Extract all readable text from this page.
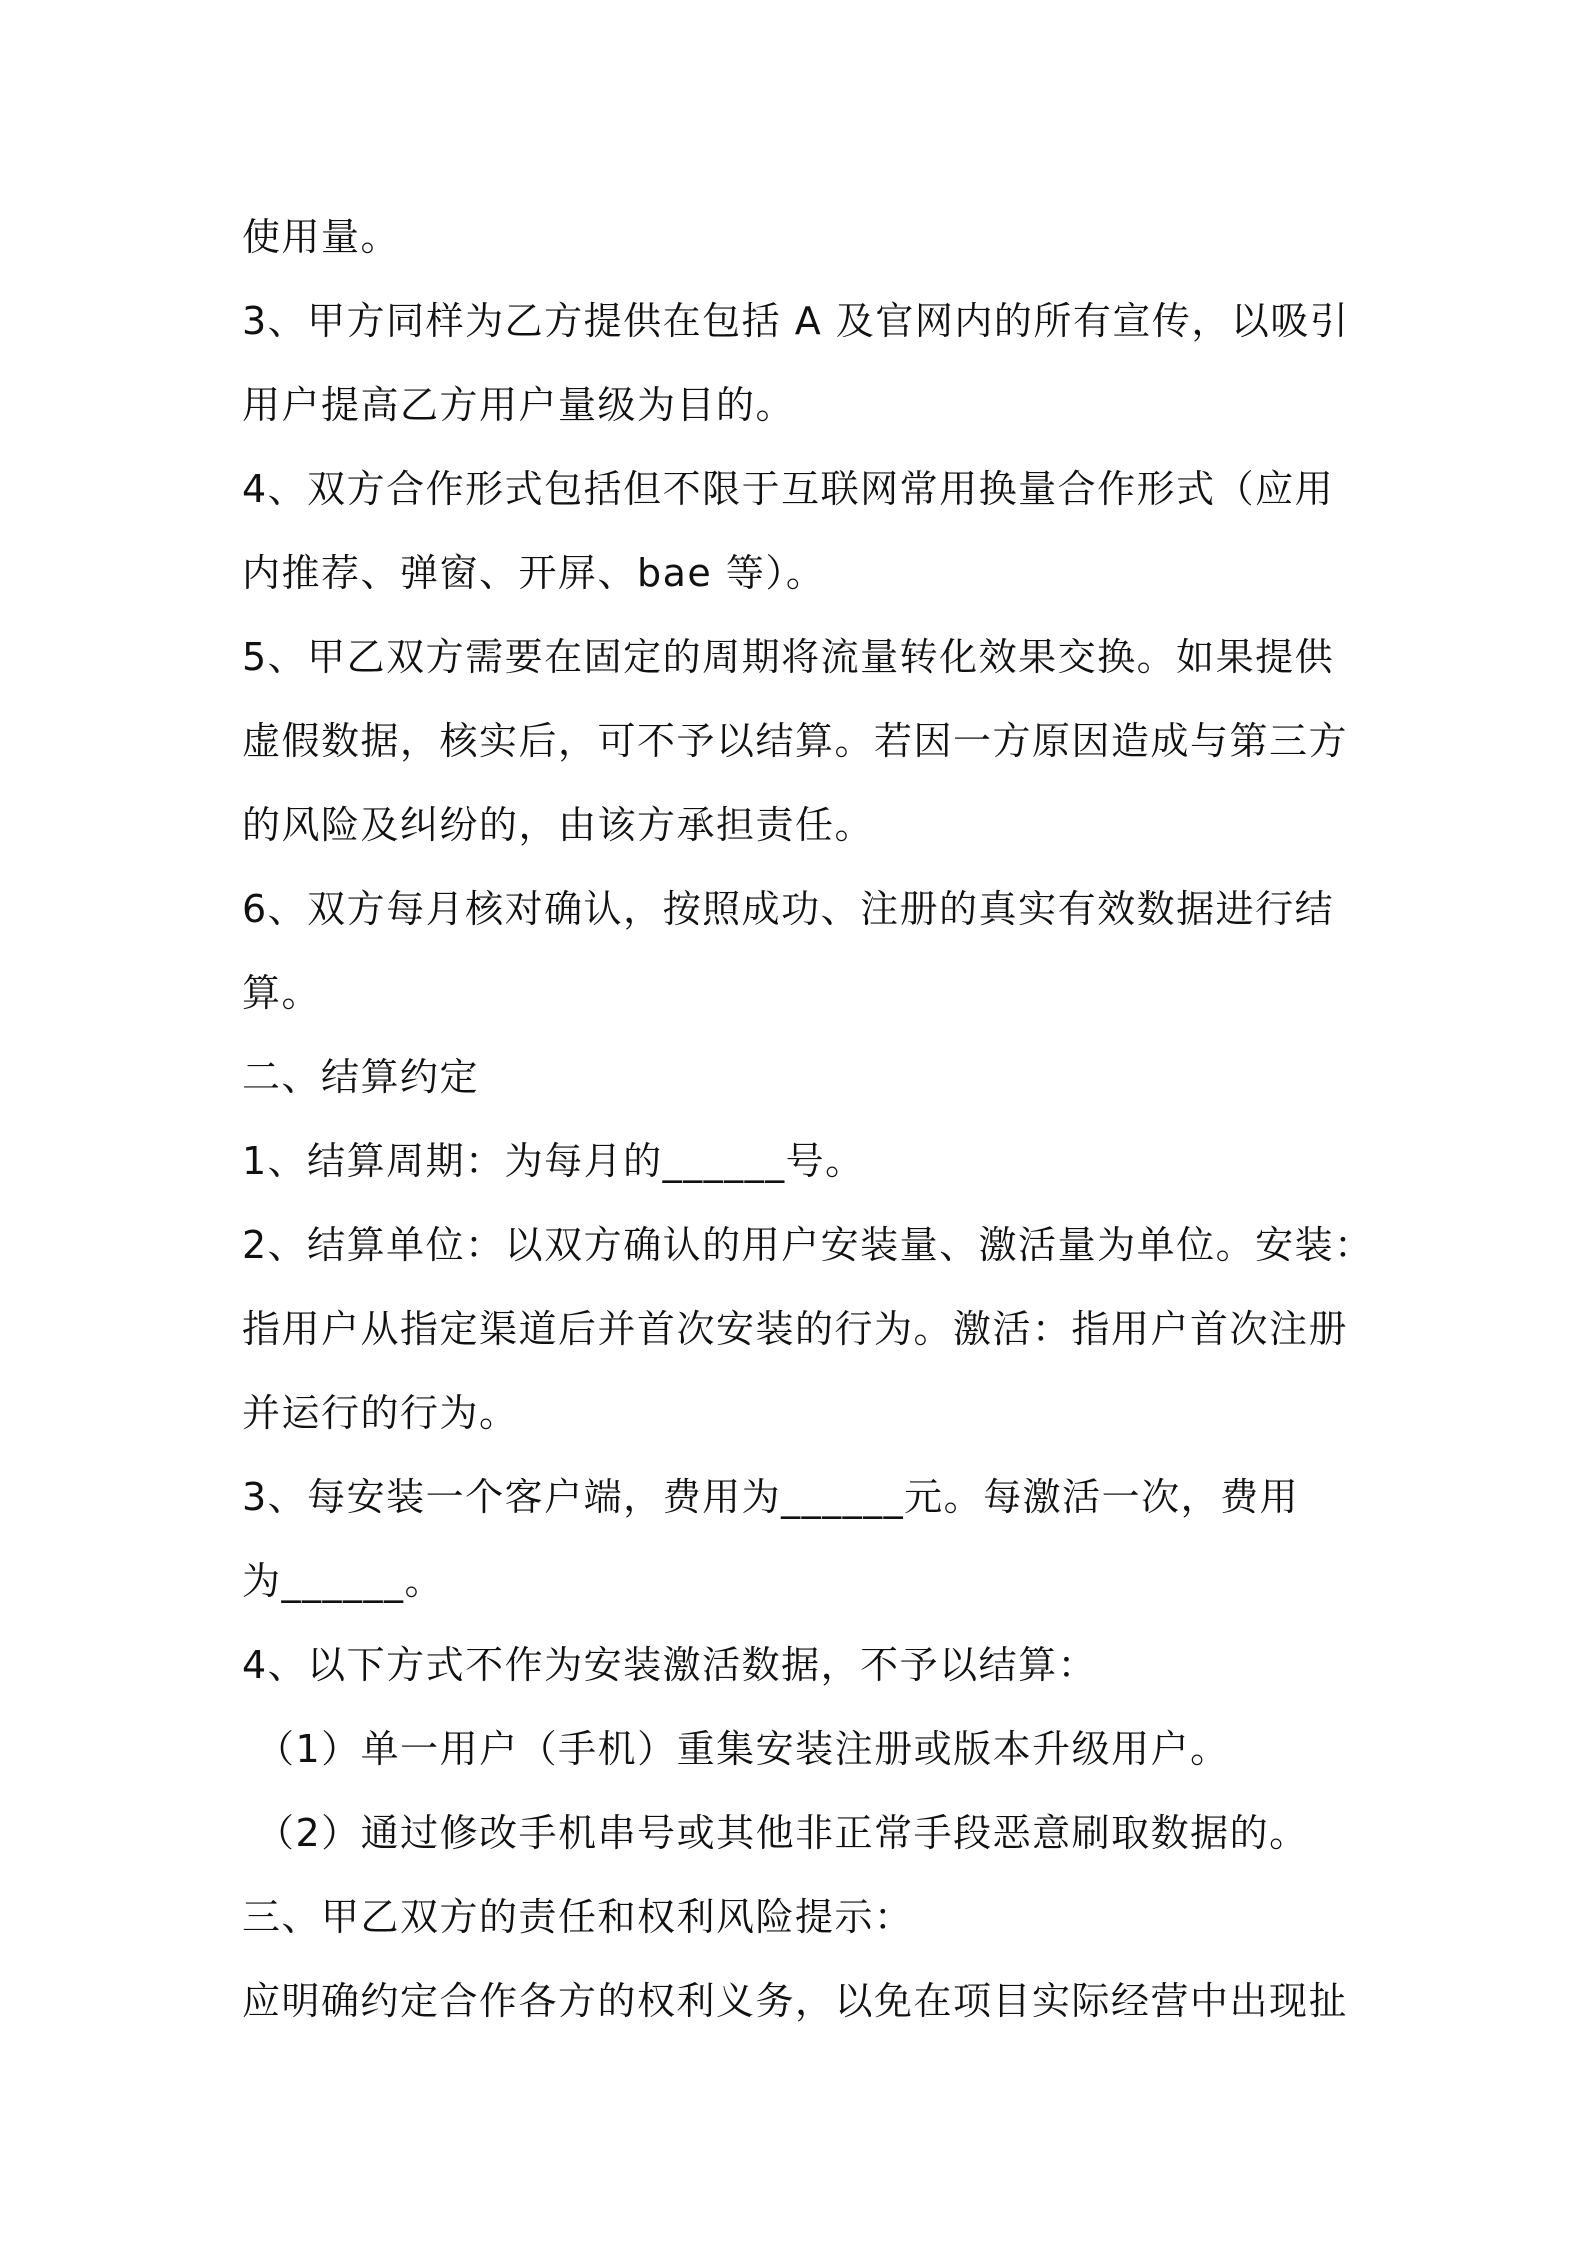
使用量。

3、甲方同样为乙方提供在包括 A 及官网内的所有宣传，以吸引

用户提高乙方用户量级为目的。

4、双方合作形式包括但不限于互联网常用换量合作形式（应用

内推荐、弹窗、开屏、bae 等）。

5、甲乙双方需要在固定的周期将流量转化效果交换。如果提供

虚假数据，核实后，可不予以结算。若因一方原因造成与第三方

的风险及纠纷的，由该方承担责任。

6、双方每月核对确认，按照成功、注册的真实有效数据进行结

算。

二、结算约定

1、结算周期：为每月的______号。

2、结算单位：以双方确认的用户安装量、激活量为单位。安装：

指用户从指定渠道后并首次安装的行为。激活：指用户首次注册

并运行的行为。

3、每安装一个客户端，费用为______元。每激活一次，费用

为______。

4、以下方式不作为安装激活数据，不予以结算：

（1）单一用户（手机）重集安装注册或版本升级用户。

（2）通过修改手机串号或其他非正常手段恶意刷取数据的。

三、甲乙双方的责任和权利风险提示：

应明确约定合作各方的权利义务，以免在项目实际经营中出现扯
